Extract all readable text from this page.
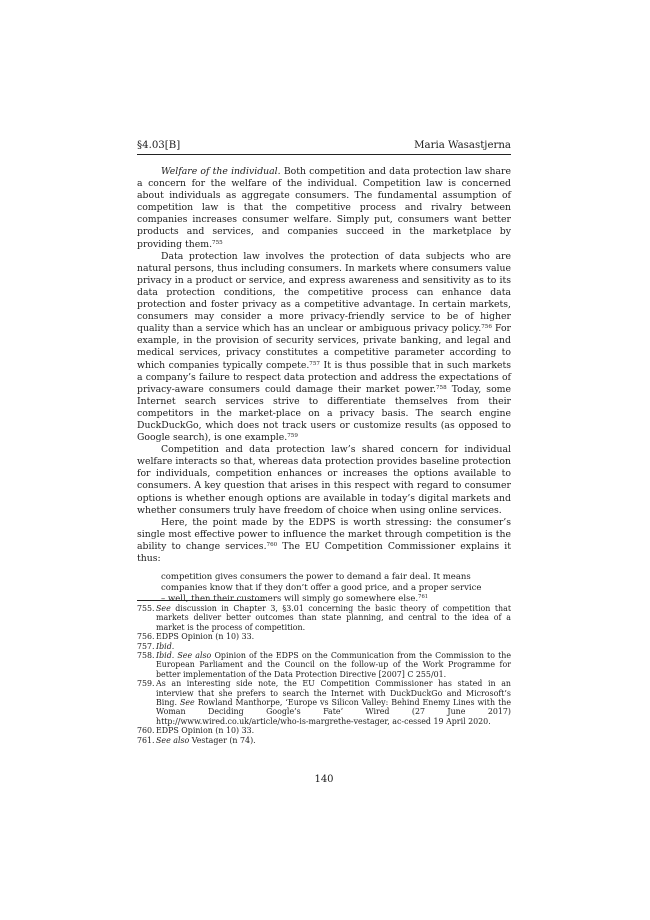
§4.03[B]	Maria Wasastjerna

Welfare of the individual. Both competition and data protection law share a concern for the welfare of the individual. Competition law is concerned about individuals as aggregate consumers. The fundamental assumption of competition law is that the competitive process and rivalry between companies increases consumer welfare. Simply put, consumers want better products and services, and companies succeed in the marketplace by providing them.$^{755}$

Data protection law involves the protection of data subjects who are natural persons, thus including consumers. In markets where consumers value privacy in a product or service, and express awareness and sensitivity as to its data protection conditions, the competitive process can enhance data protection and foster privacy as a competitive advantage. In certain markets, consumers may consider a more privacy-friendly service to be of higher quality than a service which has an unclear or ambiguous privacy policy.$^{756}$ For example, in the provision of security services, private banking, and legal and medical services, privacy constitutes a competitive parameter according to which companies typically compete.$^{757}$ It is thus possible that in such markets a company’s failure to respect data protection and address the expectations of privacy-aware consumers could damage their market power.$^{758}$ Today, some Internet search services strive to differentiate themselves from their competitors in the market-place on a privacy basis. The search engine DuckDuckGo, which does not track users or customize results (as opposed to Google search), is one example.$^{759}$

Competition and data protection law’s shared concern for individual welfare interacts so that, whereas data protection provides baseline protection for individuals, competition enhances or increases the options available to consumers. A key question that arises in this respect with regard to consumer options is whether enough options are available in today’s digital markets and whether consumers truly have freedom of choice when using online services.

Here, the point made by the EDPS is worth stressing: the consumer’s single most effective power to influence the market through competition is the ability to change services.$^{760}$ The EU Competition Commissioner explains it thus:

competition gives consumers the power to demand a fair deal. It means companies know that if they don’t offer a good price, and a proper service – well, then their customers will simply go somewhere else.$^{761}$
755. See discussion in Chapter 3, §3.01 concerning the basic theory of competition that markets deliver better outcomes than state planning, and central to the idea of a market is the process of competition.
756. EDPS Opinion (n 10) 33.
757. Ibid.
758. Ibid. See also Opinion of the EDPS on the Communication from the Commission to the European Parliament and the Council on the follow-up of the Work Programme for better implementation of the Data Protection Directive [2007] C 255/01.
759. As an interesting side note, the EU Competition Commissioner has stated in an interview that she prefers to search the Internet with DuckDuckGo and Microsoft’s Bing. See Rowland Manthorpe, ‘Europe vs Silicon Valley: Behind Enemy Lines with the Woman Deciding Google’s Fate’ Wired (27 June 2017) http://www.wired.co.uk/article/who-is-margrethe-vestager, ac-cessed 19 April 2020.
760. EDPS Opinion (n 10) 33.
761. See also Vestager (n 74).
140
